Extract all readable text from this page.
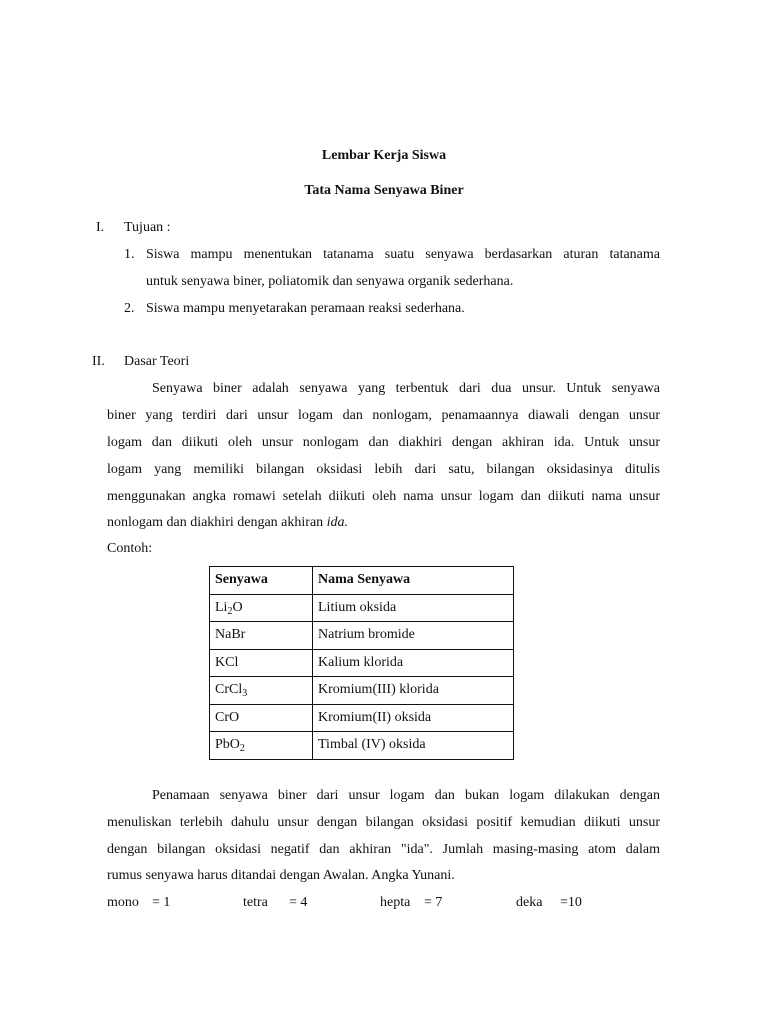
Lembar Kerja Siswa
Tata Nama Senyawa Biner
I. Tujuan :
1. Siswa mampu menentukan tatanama suatu senyawa berdasarkan aturan tatanama
untuk senyawa biner, poliatomik dan senyawa organik sederhana.
2. Siswa mampu menyetarakan peramaan reaksi sederhana.
II. Dasar Teori
Senyawa biner adalah senyawa yang terbentuk dari dua unsur. Untuk senyawa
biner yang terdiri dari unsur logam dan nonlogam, penamaannya diawali dengan unsur
logam dan diikuti oleh unsur nonlogam dan diakhiri dengan akhiran ida. Untuk unsur
logam yang memiliki bilangan oksidasi lebih dari satu, bilangan oksidasinya ditulis
menggunakan angka romawi setelah diikuti oleh nama unsur logam dan diikuti nama unsur
nonlogam dan diakhiri dengan akhiran ida.
Contoh:
Senyawa	Nama Senyawa
$Li_2O$	Litium oksida
NaBr	Natrium bromide
KCl	Kalium klorida
CrCl$_3$	Kromium(III) klorida
CrO	Kromium(II) oksida
PbO$_2$	Timbal (IV) oksida
Penamaan senyawa biner dari unsur logam dan bukan logam dilakukan dengan
menuliskan terlebih dahulu unsur dengan bilangan oksidasi positif kemudian diikuti unsur
dengan bilangan oksidasi negatif dan akhiran "ida". Jumlah masing-masing atom dalam
rumus senyawa harus ditandai dengan Awalan. Angka Yunani.
mono = 1	tetra = 4	hepta = 7	deka =10
